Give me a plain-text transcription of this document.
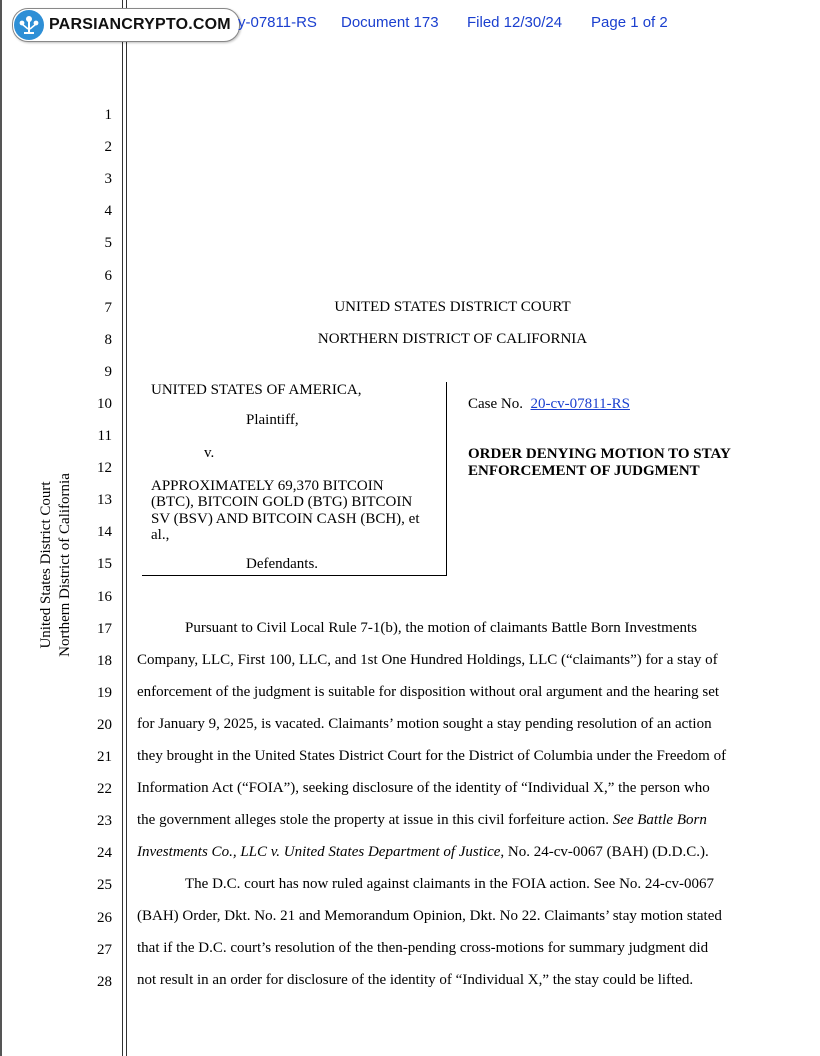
PARSIANCRYPTO.COM y-07811-RS Document 173 Filed 12/30/24 Page 1 of 2
1
2
3
4
5
6
7
8
9
10
11
12
13
14
15
16
17
18
19
20
21
22
23
24
25
26
27
28
United States District Court Northern District of California
UNITED STATES DISTRICT COURT
NORTHERN DISTRICT OF CALIFORNIA
UNITED STATES OF AMERICA,
Plaintiff,
v.
APPROXIMATELY 69,370 BITCOIN
(BTC), BITCOIN GOLD (BTG) BITCOIN
SV (BSV) AND BITCOIN CASH (BCH), et
al.,
Defendants.
Case No. 20-cv-07811-RS
ORDER DENYING MOTION TO STAY
ENFORCEMENT OF JUDGMENT
Pursuant to Civil Local Rule 7-1(b), the motion of claimants Battle Born Investments
Company, LLC, First 100, LLC, and 1st One Hundred Holdings, LLC (“claimants”) for a stay of
enforcement of the judgment is suitable for disposition without oral argument and the hearing set
for January 9, 2025, is vacated. Claimants’ motion sought a stay pending resolution of an action
they brought in the United States District Court for the District of Columbia under the Freedom of
Information Act (“FOIA”), seeking disclosure of the identity of “Individual X,” the person who
the government alleges stole the property at issue in this civil forfeiture action. See Battle Born
Investments Co., LLC v. United States Department of Justice, No. 24-cv-0067 (BAH) (D.D.C.).
The D.C. court has now ruled against claimants in the FOIA action. See No. 24-cv-0067
(BAH) Order, Dkt. No. 21 and Memorandum Opinion, Dkt. No 22. Claimants’ stay motion stated
that if the D.C. court’s resolution of the then-pending cross-motions for summary judgment did
not result in an order for disclosure of the identity of “Individual X,” the stay could be lifted.
